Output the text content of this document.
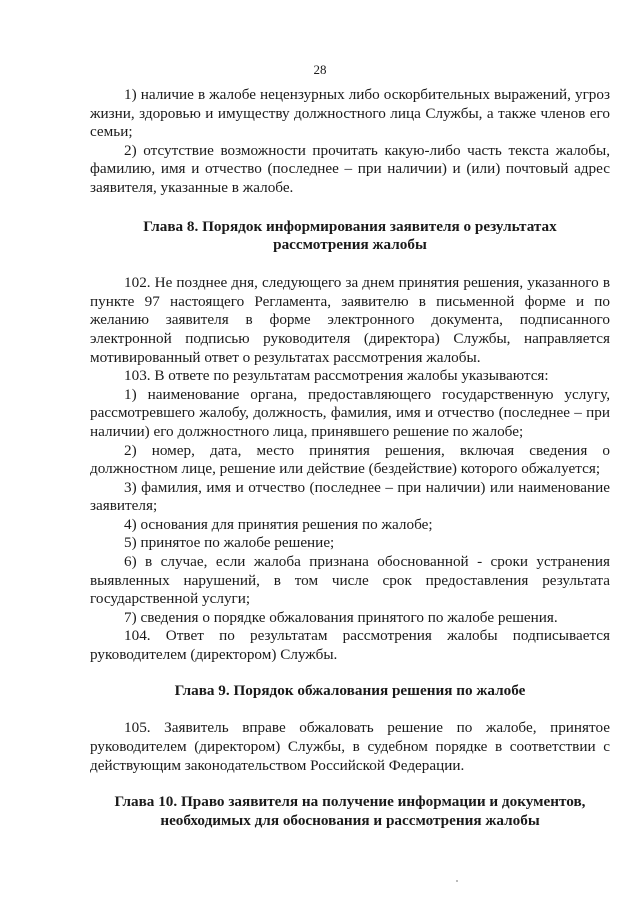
28

1) наличие в жалобе нецензурных либо оскорбительных выражений, угроз жизни, здоровью и имуществу должностного лица Службы, а также членов его семьи;

2) отсутствие возможности прочитать какую-либо часть текста жалобы, фамилию, имя и отчество (последнее – при наличии) и (или) почтовый адрес заявителя, указанные в жалобе.

Глава 8. Порядок информирования заявителя о результатах рассмотрения жалобы

102. Не позднее дня, следующего за днем принятия решения, указанного в пункте 97 настоящего Регламента, заявителю в письменной форме и по желанию заявителя в форме электронного документа, подписанного электронной подписью руководителя (директора) Службы, направляется мотивированный ответ о результатах рассмотрения жалобы.

103. В ответе по результатам рассмотрения жалобы указываются:

1) наименование органа, предоставляющего государственную услугу, рассмотревшего жалобу, должность, фамилия, имя и отчество (последнее – при наличии) его должностного лица, принявшего решение по жалобе;

2) номер, дата, место принятия решения, включая сведения о должностном лице, решение или действие (бездействие) которого обжалуется;

3) фамилия, имя и отчество (последнее – при наличии) или наименование заявителя;

4) основания для принятия решения по жалобе;

5) принятое по жалобе решение;

6) в случае, если жалоба признана обоснованной - сроки устранения выявленных нарушений, в том числе срок предоставления результата государственной услуги;

7) сведения о порядке обжалования принятого по жалобе решения.

104. Ответ по результатам рассмотрения жалобы подписывается руководителем (директором) Службы.

Глава 9. Порядок обжалования решения по жалобе

105. Заявитель вправе обжаловать решение по жалобе, принятое руководителем (директором) Службы, в судебном порядке в соответствии с действующим законодательством Российской Федерации.

Глава 10. Право заявителя на получение информации и документов, необходимых для обоснования и рассмотрения жалобы
